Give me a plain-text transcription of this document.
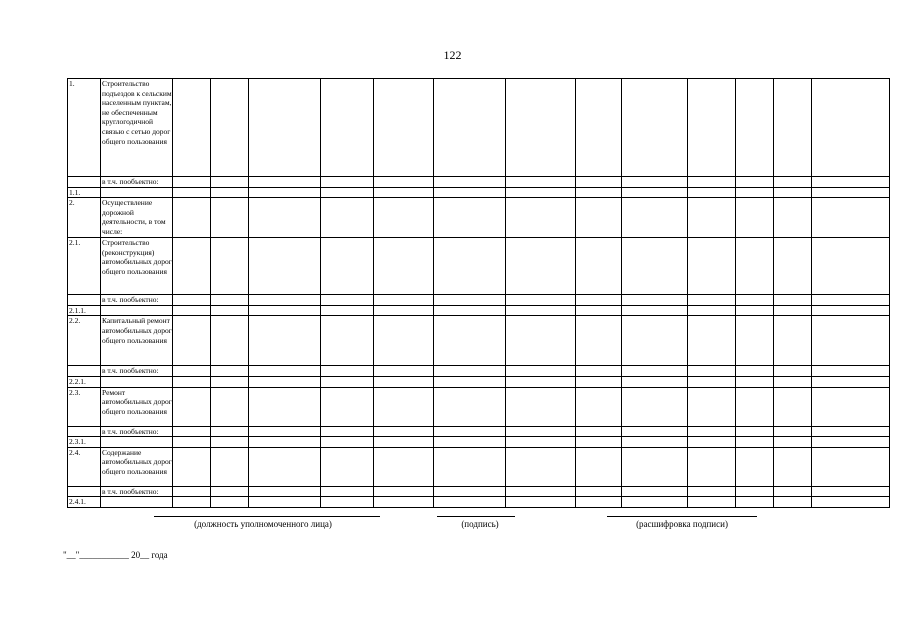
122
1.	Строительство подъездов к сельским населенным пунктам, не обеспеченным круглогодичной связью с сетью дорог общего пользования													
	в т.ч. пообъектно:													
1.1.														
2.	Осуществление дорожной деятельности, в том числе:													
2.1.	Строительство (реконструкция) автомобильных дорог общего пользования													
	в т.ч. пообъектно:													
2.1.1.														
2.2.	Капитальный ремонт автомобильных дорог общего пользования													
	в т.ч. пообъектно:													
2.2.1.														
2.3.	Ремонт автомобильных дорог общего пользования													
	в т.ч. пообъектно:													
2.3.1.														
2.4.	Содержание автомобильных дорог общего пользования													
	в т.ч. пообъектно:													
2.4.1.														
(должность уполномоченного лица)	(подпись)	(расшифровка подписи)
"__"___________ 20__ года
